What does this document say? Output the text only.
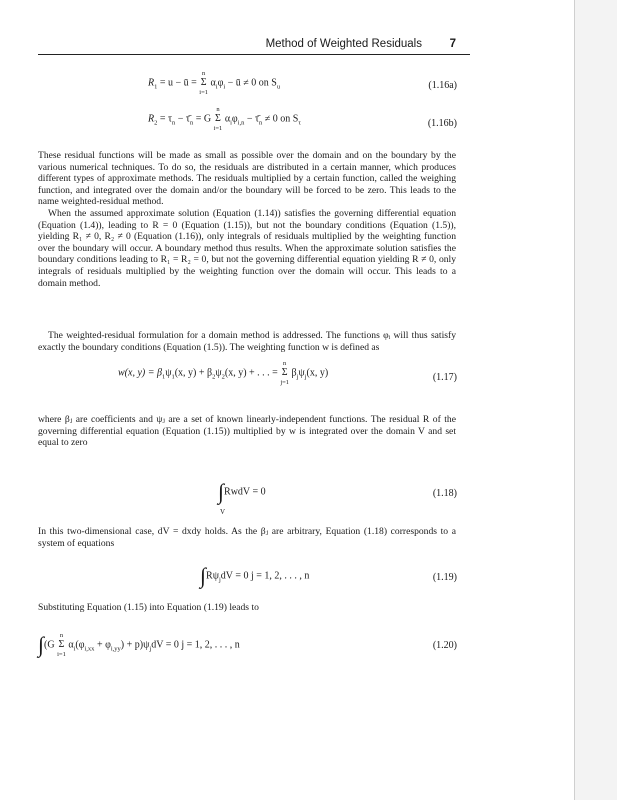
Method of Weighted Residuals 7
$R_1 = u$ − ū =
n
Σ
i=1
$\alpha_i\varphi_i$ − ū ≠ 0 on $S_u$	(1.16a)
$R_2 = \tau_n$ − $\taū_n = G$
n
Σ
i=1
$\alpha_i\varphi_{i,n}$ − $\taū_n \ne 0$ on $S_\tau$	(1.16b)

These residual functions will be made as small as possible over the domain and on the boundary by the various numerical techniques. To do so, the residuals are distributed in a certain manner, which produces different types of approximate methods. The residuals multiplied by a certain function, called the weighing function, and integrated over the domain and/or the boundary will be forced to be zero. This leads to the name weighted-residual method.

When the assumed approximate solution (Equation (1.14)) satisfies the governing differential equation (Equation (1.4)), leading to R = 0 (Equation (1.15)), but not the boundary conditions (Equation (1.5)), yielding R₁ ≠ 0, R₂ ≠ 0 (Equation (1.16)), only integrals of residuals multiplied by the weighting function over the boundary will occur. A boundary method thus results. When the approximate solution satisfies the boundary conditions leading to R₁ = R₂ = 0, but not the governing differential equation yielding R ≠ 0, only integrals of residuals multiplied by the weighting function over the domain will occur. This leads to a domain method.

The weighted-residual formulation for a domain method is addressed. The functions φᵢ will thus satisfy exactly the boundary conditions (Equation (1.5)). The weighting function w is defined as

w(x, $y) = \beta_1\psi_1(x$, $y) + \beta_2\psi_2(x$, y) + . . . =
n
Σ
j=1
$\beta_j\psi_j(x$, y)	(1.17)

where βⱼ are coefficients and ψⱼ are a set of known linearly-independent functions. The residual R of the governing differential equation (Equation (1.15)) multiplied by w is integrated over the domain V and set equal to zero

∫RwdV = 0
V
(1.18)

In this two-dimensional case, dV = dxdy holds. As the βⱼ are arbitrary, Equation (1.18) corresponds to a system of equations

$\int R\psi_jdV = 0$ j = 1, 2, . . . , n	(1.19)

Substituting Equation (1.15) into Equation (1.19) leads to

∫(G
n
Σ
i=1
$\alpha_i(\varphi_{i,xx} + \varphi_{i,yy}) + p)\psi_jdV = 0$ j = 1, 2, . . . , n	(1.20)
